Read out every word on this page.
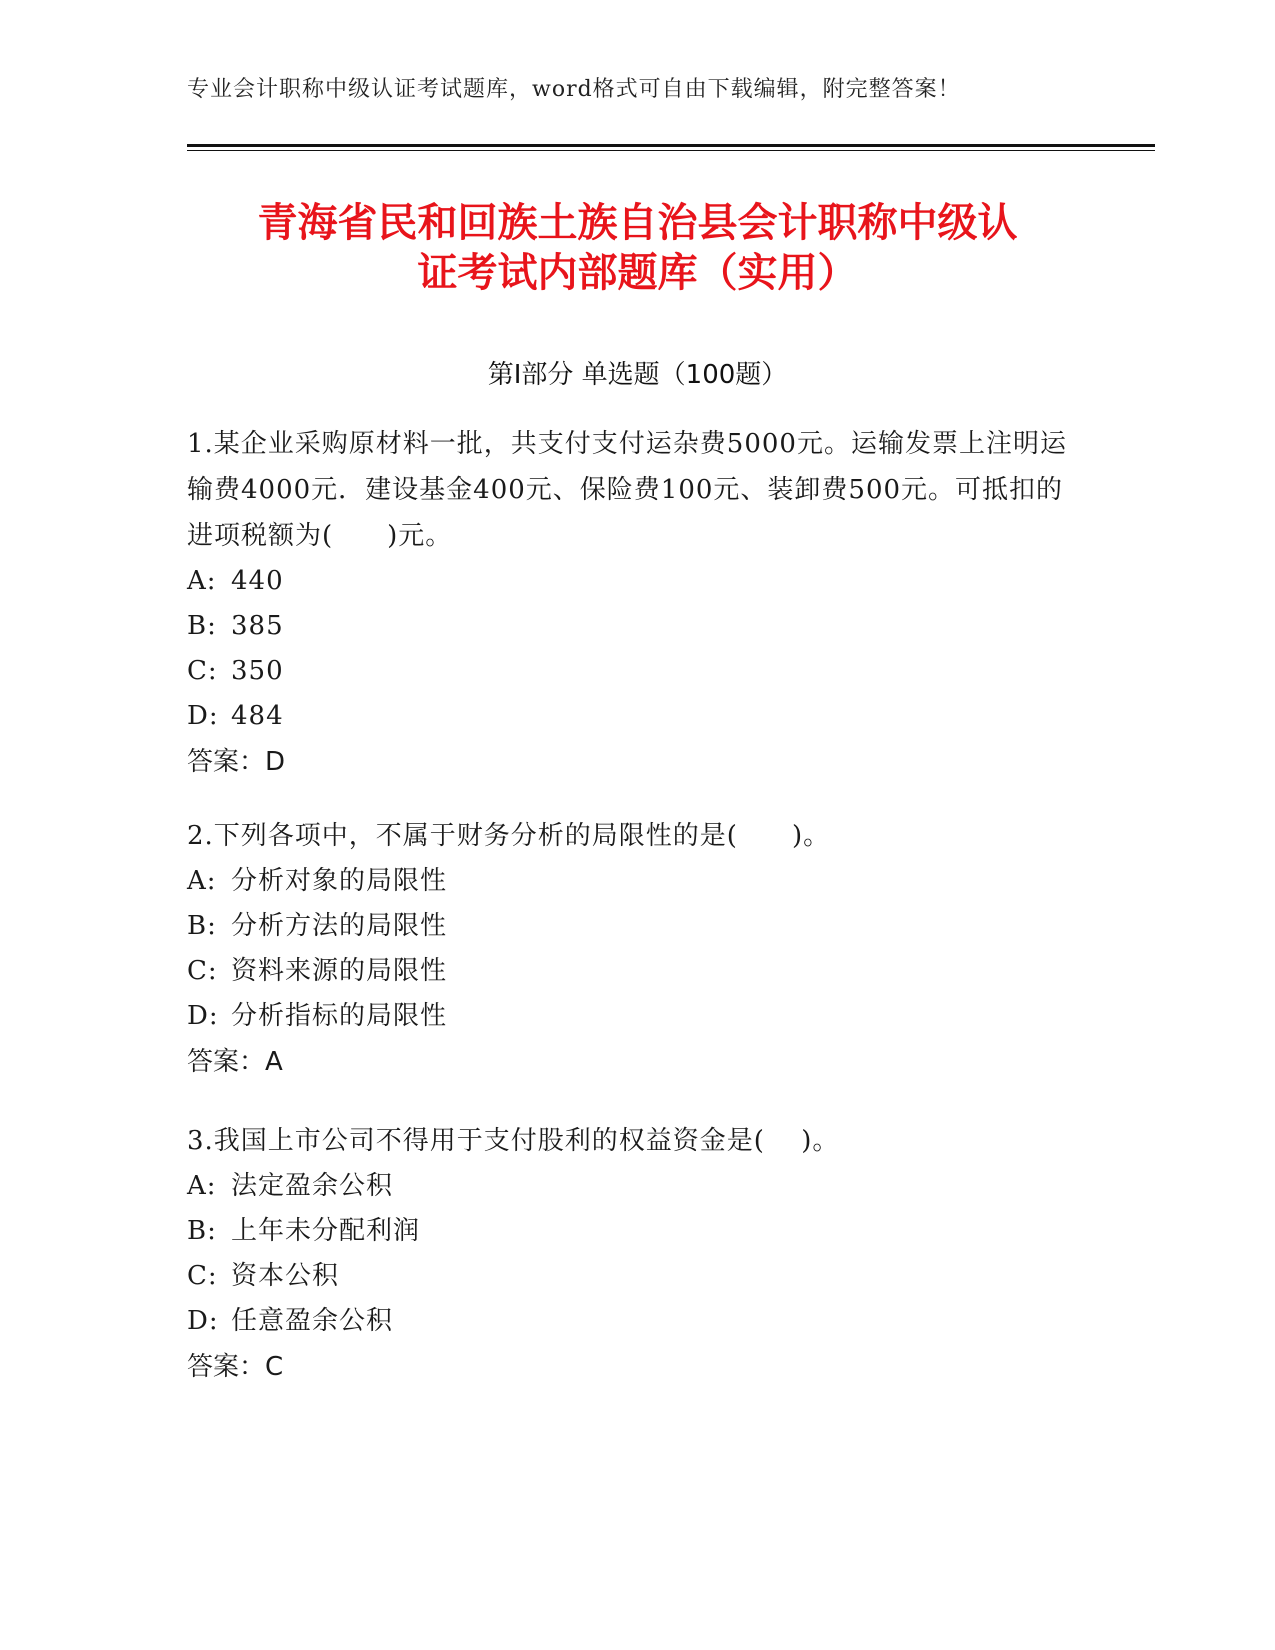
专业会计职称中级认证考试题库，word格式可自由下载编辑，附完整答案！
青海省民和回族土族自治县会计职称中级认
证考试内部题库（实用）
第Ⅰ部分 单选题（100题）

1.某企业采购原材料一批，共支付支付运杂费5000元。运输发票上注明运输费4000元．建设基金400元、保险费100元、装卸费500元。可抵扣的进项税额为(　　)元。

A: 440

B: 385

C: 350

D: 484

答案：D

2.下列各项中，不属于财务分析的局限性的是(　　)。

A: 分析对象的局限性

B: 分析方法的局限性

C: 资料来源的局限性

D: 分析指标的局限性

答案：A

3.我国上市公司不得用于支付股利的权益资金是(　 )。

A: 法定盈余公积

B: 上年未分配利润

C: 资本公积

D: 任意盈余公积

答案：C
